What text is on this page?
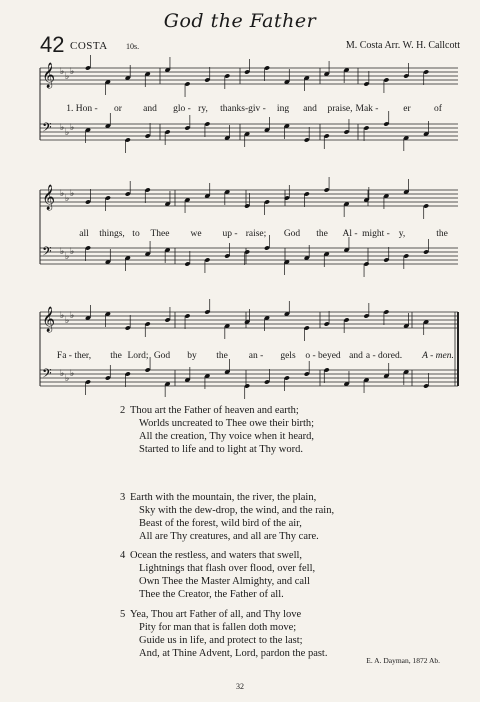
God the Father
42 COSTA 10s.	M. Costa Arr. W. H. Callcott
𝄞 ♭ ♭ ♭
𝄢 ♭ ♭ ♭
𝄞 ♭ ♭ ♭
𝄢 ♭ ♭ ♭
𝄞 ♭ ♭ ♭
𝄢 ♭ ♭ ♭
1. Hon - or and glo - ry, thanks-giv - ing and praise, Mak -	er of
all things, to Thee we up - raise; God the Al - might - y,	the
Fa - ther, the Lord; God by the an - gels o - beyed and a - dored. A - men.
2 Thou art the Father of heaven and earth;
Worlds uncreated to Thee owe their birth;
All the creation, Thy voice when it heard,
Started to life and to light at Thy word.
3 Earth with the mountain, the river, the plain,
Sky with the dew-drop, the wind, and the rain,
Beast of the forest, wild bird of the air,
All are Thy creatures, and all are Thy care.
4 Ocean the restless, and waters that swell,
Lightnings that flash over flood, over fell,
Own Thee the Master Almighty, and call
Thee the Creator, the Father of all.
5 Yea, Thou art Father of all, and Thy love
Pity for man that is fallen doth move;
Guide us in life, and protect to the last;
And, at Thine Advent, Lord, pardon the past.
E. A. Dayman, 1872 Ab.
32
